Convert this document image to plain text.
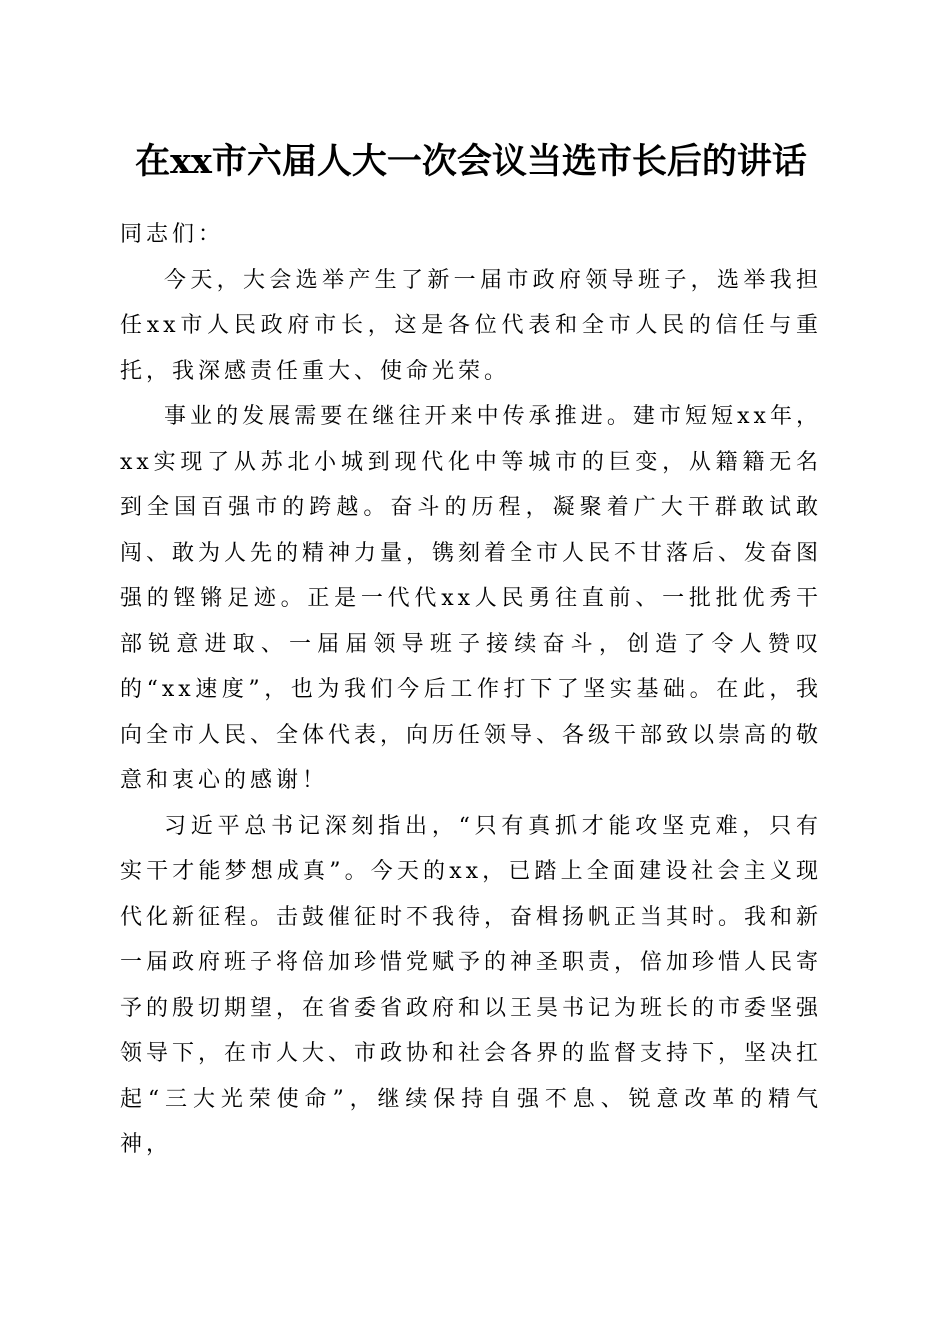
在xx市六届人大一次会议当选市长后的讲话

同志们：

今天，大会选举产生了新一届市政府领导班子，选举我担任xx市人民政府市长，这是各位代表和全市人民的信任与重托，我深感责任重大、使命光荣。

事业的发展需要在继往开来中传承推进。建市短短xx年，xx实现了从苏北小城到现代化中等城市的巨变，从籍籍无名到全国百强市的跨越。奋斗的历程，凝聚着广大干群敢试敢闯、敢为人先的精神力量，镌刻着全市人民不甘落后、发奋图强的铿锵足迹。正是一代代xx人民勇往直前、一批批优秀干部锐意进取、一届届领导班子接续奋斗，创造了令人赞叹的“xx速度”，也为我们今后工作打下了坚实基础。在此，我向全市人民、全体代表，向历任领导、各级干部致以崇高的敬意和衷心的感谢！

习近平总书记深刻指出，“只有真抓才能攻坚克难，只有实干才能梦想成真”。今天的xx，已踏上全面建设社会主义现代化新征程。击鼓催征时不我待，奋楫扬帆正当其时。我和新一届政府班子将倍加珍惜党赋予的神圣职责，倍加珍惜人民寄予的殷切期望，在省委省政府和以王昊书记为班长的市委坚强领导下，在市人大、市政协和社会各界的监督支持下，坚决扛起“三大光荣使命”，继续保持自强不息、锐意改革的精气神，
